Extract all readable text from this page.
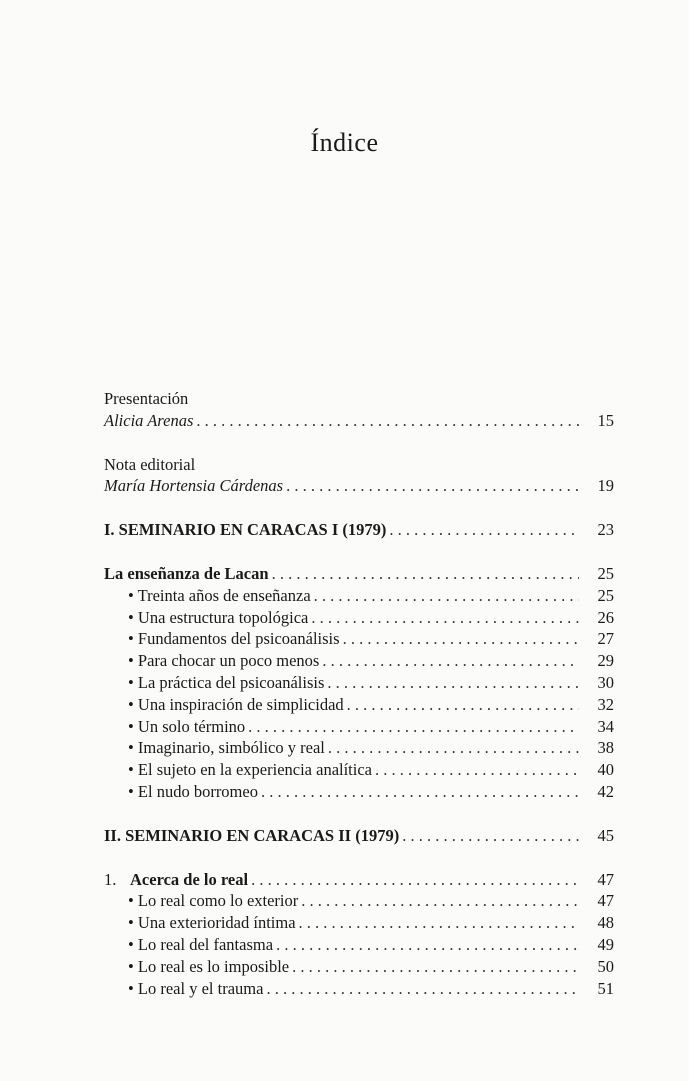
Índice
Presentación
Alicia Arenas . . .	15
Nota editorial
María Hortensia Cárdenas . . .	19
I. SEMINARIO EN CARACAS I (1979) . . .	23
La enseñanza de Lacan . . .	25
• Treinta años de enseñanza . . .	25
• Una estructura topológica . . .	26
• Fundamentos del psicoanálisis . . .	27
• Para chocar un poco menos . . .	29
• La práctica del psicoanálisis . . .	30
• Una inspiración de simplicidad . . .	32
• Un solo término . . .	34
• Imaginario, simbólico y real . . .	38
• El sujeto en la experiencia analítica . . .	40
• El nudo borromeo . . .	42
II. SEMINARIO EN CARACAS II (1979) . . .	45
1. Acerca de lo real . . .	47
• Lo real como lo exterior . . .	47
• Una exterioridad íntima . . .	48
• Lo real del fantasma . . .	49
• Lo real es lo imposible . . .	50
• Lo real y el trauma . . .	51
